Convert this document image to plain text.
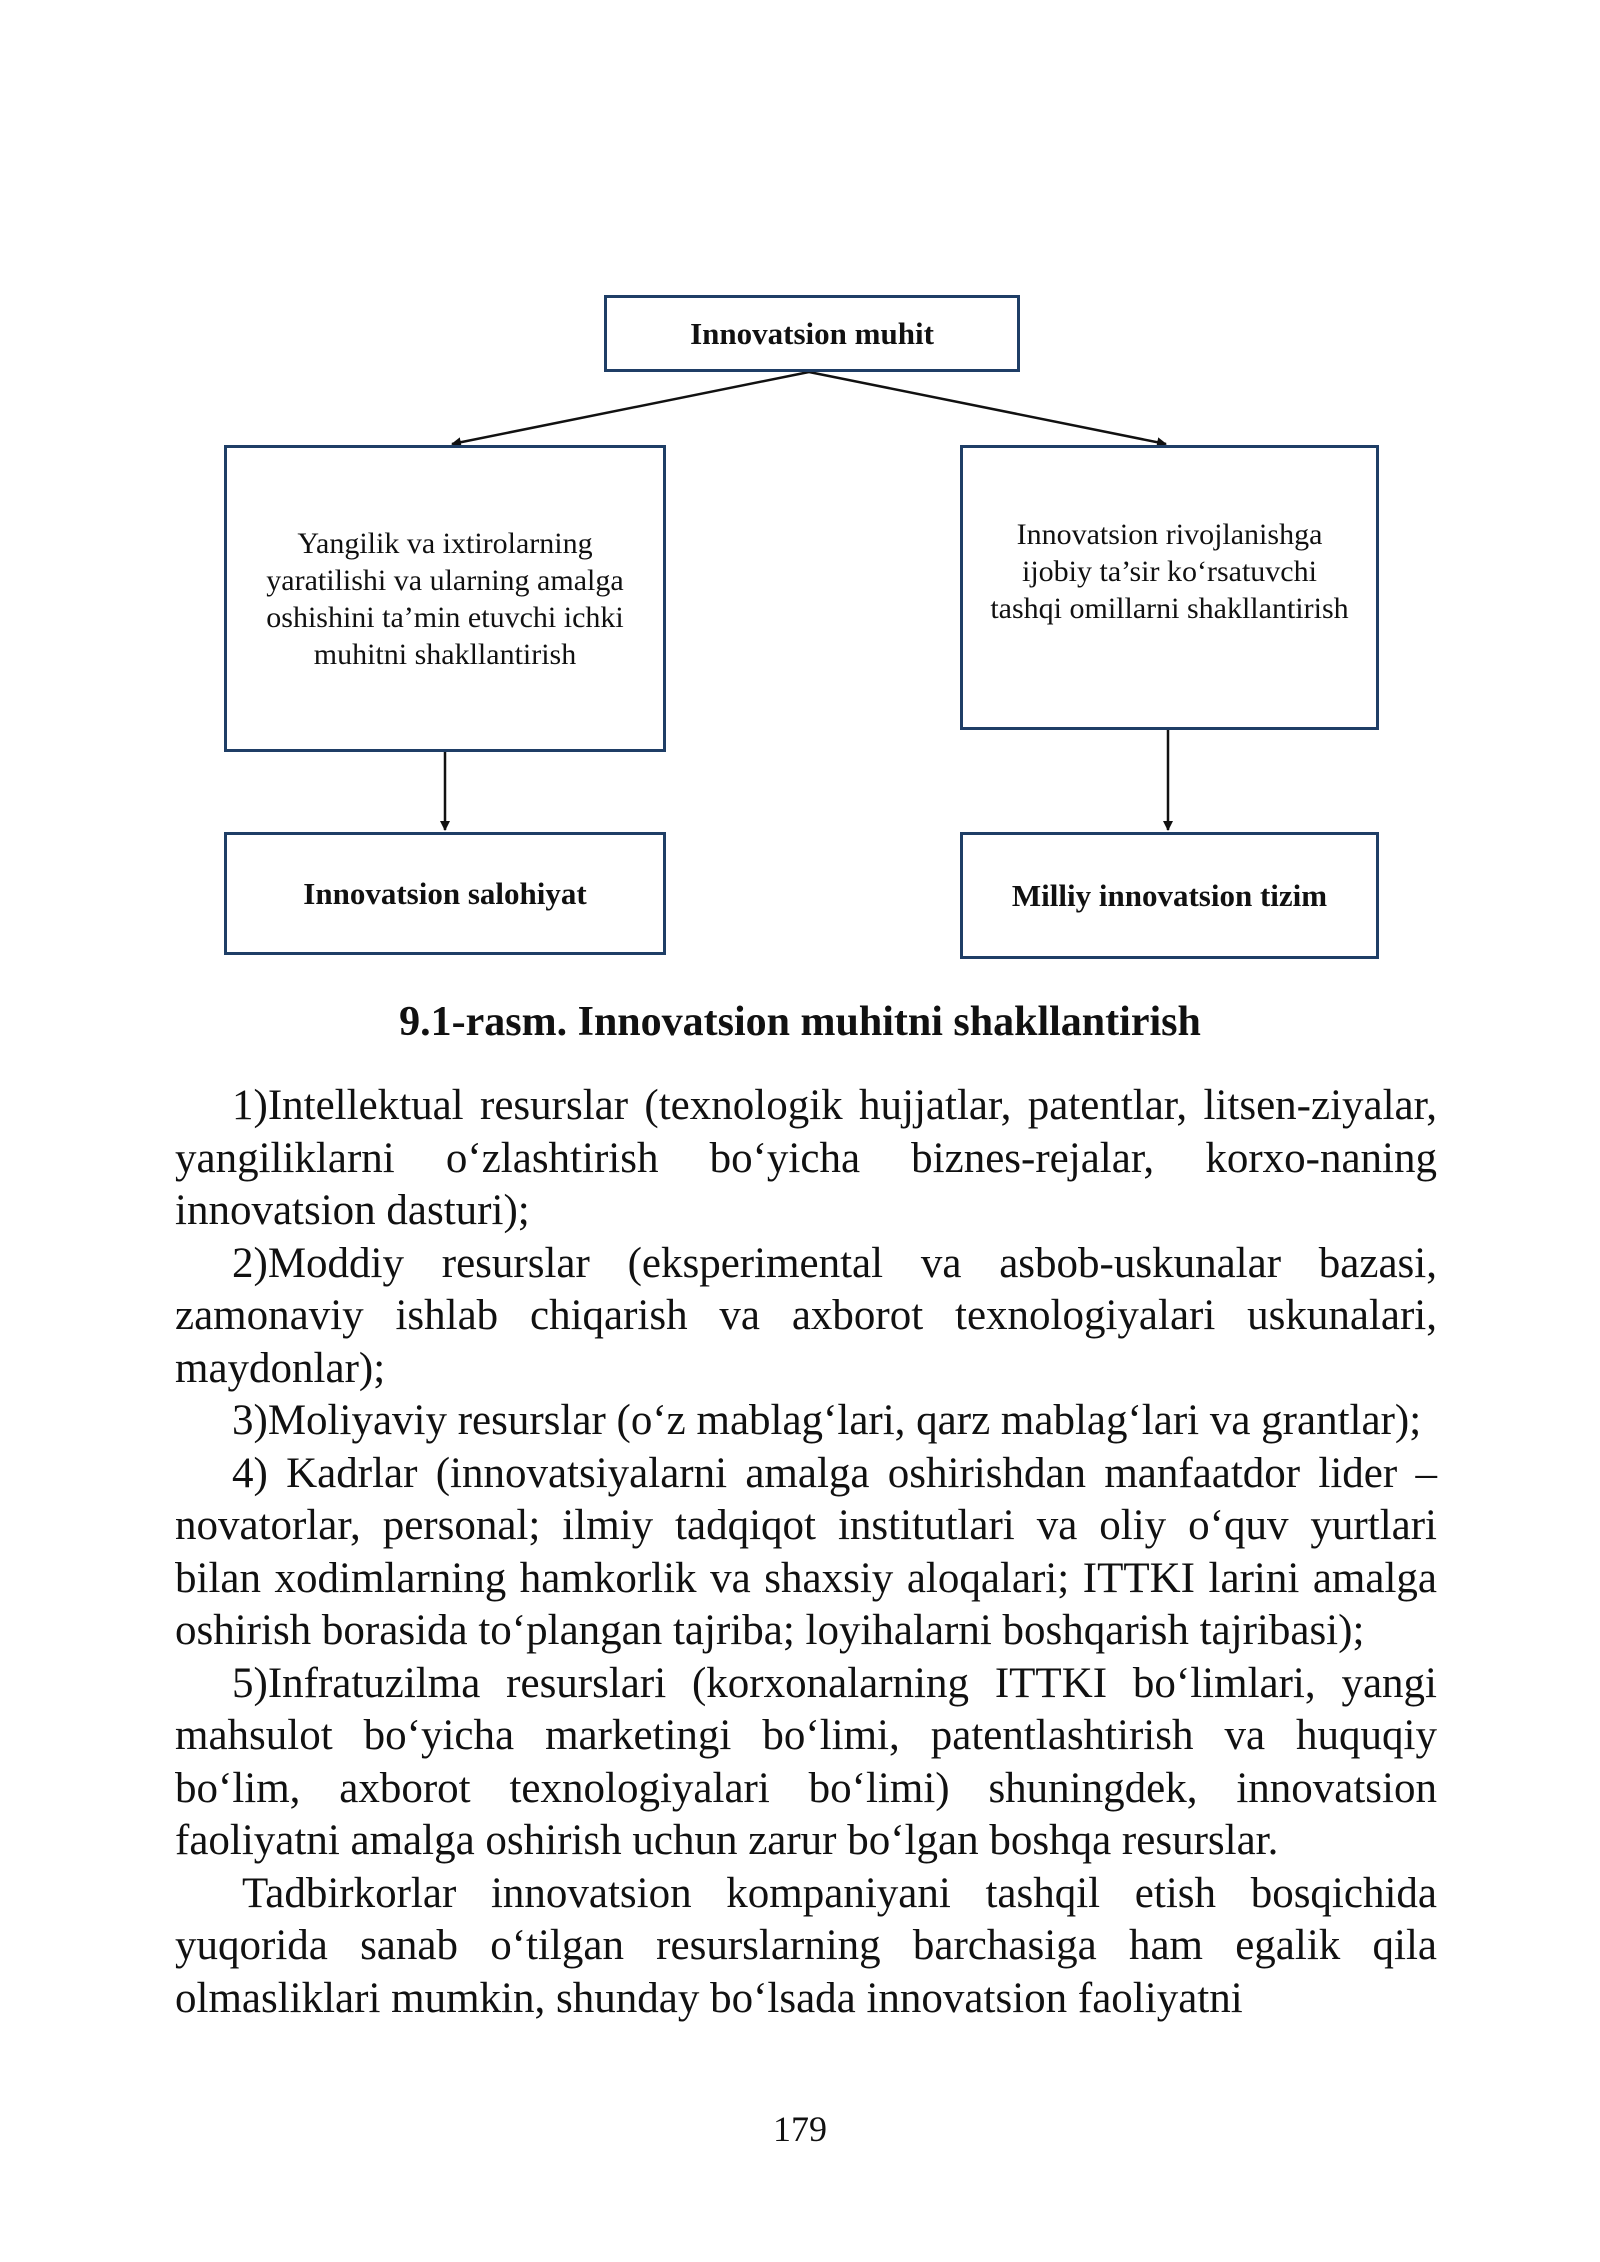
Innovatsion muhit
Yangilik va ixtirolarning yaratilishi va ularning amalga oshishini ta’min etuvchi ichki muhitni shakllantirish
Innovatsion rivojlanishga ijobiy ta’sir ko‘rsatuvchi tashqi omillarni shakllantirish
Innovatsion salohiyat	Milliy innovatsion tizim
9.1-rasm. Innovatsion muhitni shakllantirish

1)Intellektual resurslar (texnologik hujjatlar, patentlar, litsen-ziyalar, yangiliklarni o‘zlashtirish bo‘yicha biznes-rejalar, korxo-naning innovatsion dasturi);

2)Moddiy resurslar (eksperimental va asbob-uskunalar bazasi, zamonaviy ishlab chiqarish va axborot texnologiyalari uskunalari, maydonlar);

3)Moliyaviy resurslar (o‘z mablag‘lari, qarz mablag‘lari va grantlar);

4) Kadrlar (innovatsiyalarni amalga oshirishdan manfaatdor lider – novatorlar, personal; ilmiy tadqiqot institutlari va oliy o‘quv yurtlari bilan xodimlarning hamkorlik va shaxsiy aloqalari; ITTKI larini amalga oshirish borasida to‘plangan tajriba; loyihalarni boshqarish tajribasi);

5)Infratuzilma resurslari (korxonalarning ITTKI bo‘limlari, yangi mahsulot bo‘yicha marketingi bo‘limi, patentlashtirish va huquqiy bo‘lim, axborot texnologiyalari bo‘limi) shuningdek, innovatsion faoliyatni amalga oshirish uchun zarur bo‘lgan boshqa resurslar.

Tadbirkorlar innovatsion kompaniyani tashqil etish bosqichida yuqorida sanab o‘tilgan resurslarning barchasiga ham egalik qila olmasliklari mumkin, shunday bo‘lsada innovatsion faoliyatni

179
